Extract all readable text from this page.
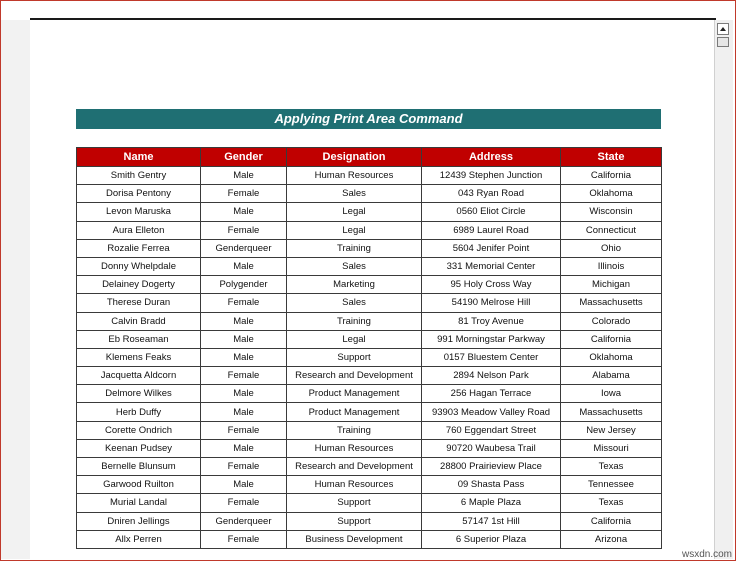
Applying Print Area Command
Name	Gender	Designation	Address	State
Smith Gentry	Male	Human Resources	12439 Stephen Junction	California
Dorisa Pentony	Female	Sales	043 Ryan Road	Oklahoma
Levon Maruska	Male	Legal	0560 Eliot Circle	Wisconsin
Aura Elleton	Female	Legal	6989 Laurel Road	Connecticut
Rozalie Ferrea	Genderqueer	Training	5604 Jenifer Point	Ohio
Donny Whelpdale	Male	Sales	331 Memorial Center	Illinois
Delainey Dogerty	Polygender	Marketing	95 Holy Cross Way	Michigan
Therese Duran	Female	Sales	54190 Melrose Hill	Massachusetts
Calvin Bradd	Male	Training	81 Troy Avenue	Colorado
Eb Roseaman	Male	Legal	991 Morningstar Parkway	California
Klemens Feaks	Male	Support	0157 Bluestem Center	Oklahoma
Jacquetta Aldcorn	Female	Research and Development	2894 Nelson Park	Alabama
Delmore Wilkes	Male	Product Management	256 Hagan Terrace	Iowa
Herb Duffy	Male	Product Management	93903 Meadow Valley Road	Massachusetts
Corette Ondrich	Female	Training	760 Eggendart Street	New Jersey
Keenan Pudsey	Male	Human Resources	90720 Waubesa Trail	Missouri
Bernelle Blunsum	Female	Research and Development	28800 Prairieview Place	Texas
Garwood Ruilton	Male	Human Resources	09 Shasta Pass	Tennessee
Murial Landal	Female	Support	6 Maple Plaza	Texas
Dniren Jellings	Genderqueer	Support	57147 1st Hill	California
Allx Perren	Female	Business Development	6 Superior Plaza	Arizona
wsxdn.com
